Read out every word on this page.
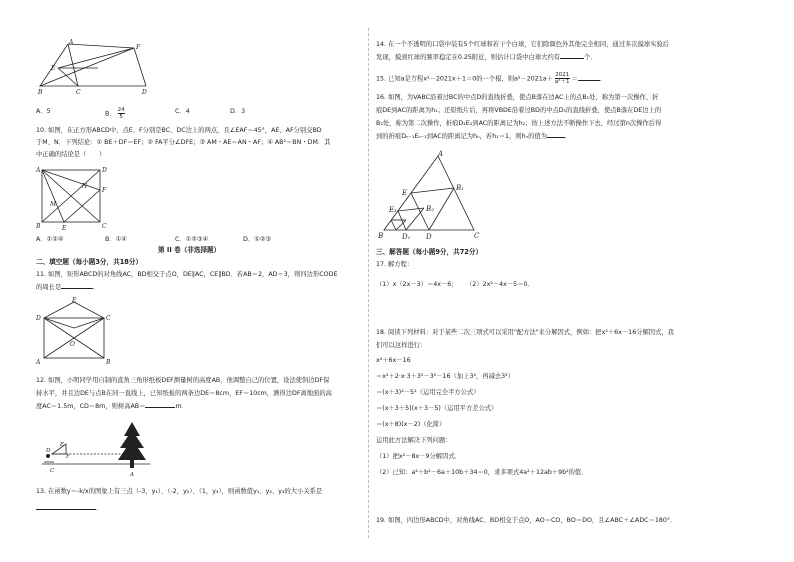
A
E
B
F
C	D
A．5	B． $\frac{24}{5}$	C．4	D．3
10. 如图，在正方形ABCD中，点E、F分别是BC、DC边上的两点，且∠EAF＝45°，AE、AF分别交BD
于M、N．下列结论：① BE＋DF＝EF；② FA平分∠DFE；③ AM・AE＝AN・AF；④ AB²＝BN・DM．其
中正确的结论是（　　）
A	D
N
F
M
B	E	C
A．①②④	B．①④	C．①②③④	D．①②③
第 II 卷（非选择题）
二、填空题（每小题3分，共18分）
11. 如图，矩形ABCD的对角线AC，BD相交于点O，DE∥AC，CE∥BD．若AB＝2，AD＝3，则四边形CODE
的周长是	．
E
D	C
O
A	B
12. 如图，小明同学用自制的直角三角形纸板DEF测量树的高度AB，他调整自己的位置，设法使斜边DF保
持水平，并且边DE与点B在同一直线上，已知纸板的两条边DE＝8cm，EF＝10cm，测得边DF离地面的高
度AC＝1.5m，CD＝8m，则树高AB＝	m．
E
D
F
C
B
A
13. 在函数y＝-k/x的图象上有三点（-3，y₁）、（-2，y₂）、（1，y₃），则函数值y₁、y₂、y₃的大小关系是
．
14. 在一个不透明的口袋中装有5个红球和若干个白球，它们除颜色外其他完全相同，通过多次摸球实验后
发现，摸到红球的频率稳定在0.25附近，则估计口袋中白球大约有	个．
15. 已知a是方程x²－2021x＋1＝0的一个根，则$a^2-2021a+ \frac{2021}{\text{a²＋1}}$ ＝	．
16. 如图，为VABC沿着过BC的中点D的直线折叠，使点B落在边AC上的点B₁处，称为第一次操作，折
痕DE到AC的距离为h₁；还原纸片后，再将VBDE沿着过BD的中点D₁的直线折叠，使点B落在DE边上的
B₂处，称为第二次操作，折痕D₁E₁到AC的距离记为h₂；按上述方法不断操作下去，经过第n次操作后得
到的折痕Dₙ₋₁Eₙ₋₁到AC的距离记为hₙ，若h₁＝1，则hₙ的值为	．
A
E
B₁
E₁	B₂
B	D₁ D	C
三、解答题（每小题9分，共72分）
17. 解方程：
（1）x（2x－3）＝4x－6； （2）2x²－4x－5＝0．
18. 阅读下列材料：对于某些二次三项式可以采用"配方法"来分解因式，例如：把x²＋6x－16分解因式，我
们可以这样进行：
x²＋6x－16
＝x²＋2·x·3＋3²－3²－16（加上3²，再减去3²）
＝(x＋3)²－5²（运用完全平方公式）
＝(x＋3＋5)(x＋3－5)（运用平方差公式）
＝(x＋8)(x－2)（化简）
运用此方法解决下列问题：
（1）把x²－8x－9分解因式．
（2）已知：a²＋b²－6a＋10b＋34＝0，求多项式4a²＋12ab＋9b²的值．
19. 如图，四边形ABCD中，对角线AC、BD相交于点O，AO＝CO，BO＝DO，且∠ABC＋∠ADC＝180°．
